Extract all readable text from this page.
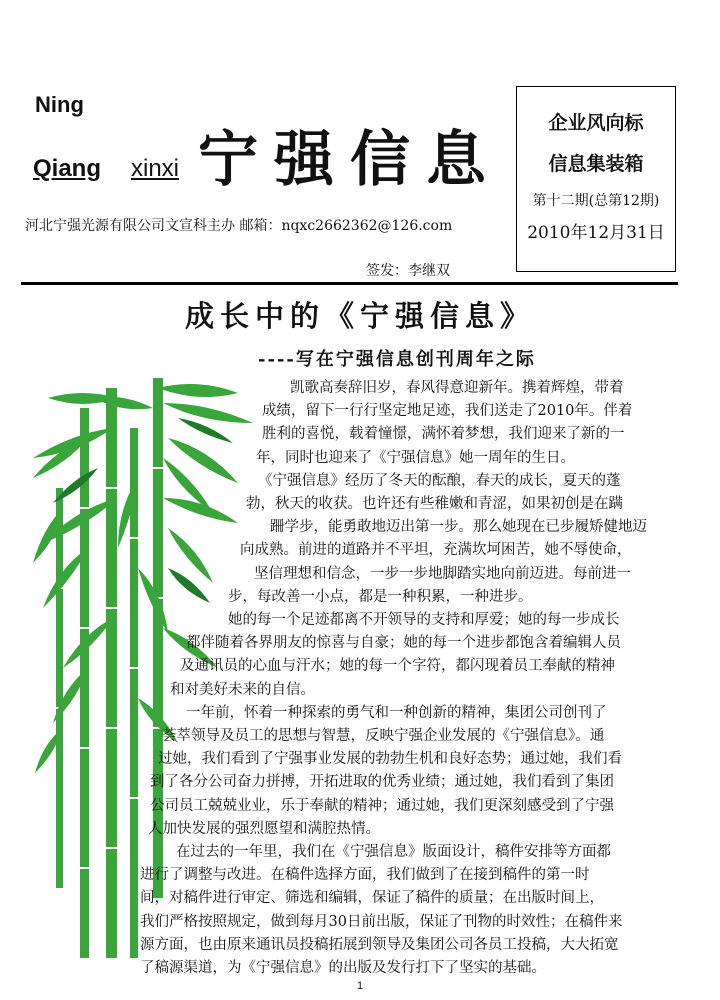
Ning
Qiang xinxi 宁强信息
企业风向标
信息集装箱
第十二期(总第12期)
2010年12月31日
河北宁强光源有限公司文宣科主办 邮箱：nqxc2662362@126.com
签发：李继双
成长中的《宁强信息》
----写在宁强信息创刊周年之际
凯歌高奏辞旧岁，春风得意迎新年。携着辉煌，带着
成绩，留下一行行坚定地足迹，我们送走了2010年。伴着
胜利的喜悦，载着憧憬，满怀着梦想，我们迎来了新的一
年，同时也迎来了《宁强信息》她一周年的生日。
《宁强信息》经历了冬天的酝酿，春天的成长，夏天的蓬
勃，秋天的收获。也许还有些稚嫩和青涩，如果初创是在蹒
跚学步，能勇敢地迈出第一步。那么她现在已步履矫健地迈
向成熟。前进的道路并不平坦，充满坎坷困苦，她不辱使命，
坚信理想和信念，一步一步地脚踏实地向前迈进。每前进一
步，每改善一小点，都是一种积累，一种进步。
她的每一个足迹都离不开领导的支持和厚爱；她的每一步成长
都伴随着各界朋友的惊喜与自豪；她的每一个进步都饱含着编辑人员
及通讯员的心血与汗水；她的每一个字符，都闪现着员工奉献的精神
和对美好未来的自信。
一年前，怀着一种探索的勇气和一种创新的精神，集团公司创刊了
荟萃领导及员工的思想与智慧，反映宁强企业发展的《宁强信息》。通
过她，我们看到了宁强事业发展的勃勃生机和良好态势；通过她，我们看
到了各分公司奋力拼搏，开拓进取的优秀业绩；通过她，我们看到了集团
公司员工兢兢业业，乐于奉献的精神；通过她，我们更深刻感受到了宁强
人加快发展的强烈愿望和满腔热情。
在过去的一年里，我们在《宁强信息》版面设计，稿件安排等方面都
进行了调整与改进。在稿件选择方面，我们做到了在接到稿件的第一时
间，对稿件进行审定、筛选和编辑，保证了稿件的质量；在出版时间上，
我们严格按照规定，做到每月30日前出版，保证了刊物的时效性；在稿件来
源方面，也由原来通讯员投稿拓展到领导及集团公司各员工投稿，大大拓宽
了稿源渠道，为《宁强信息》的出版及发行打下了坚实的基础。
1
